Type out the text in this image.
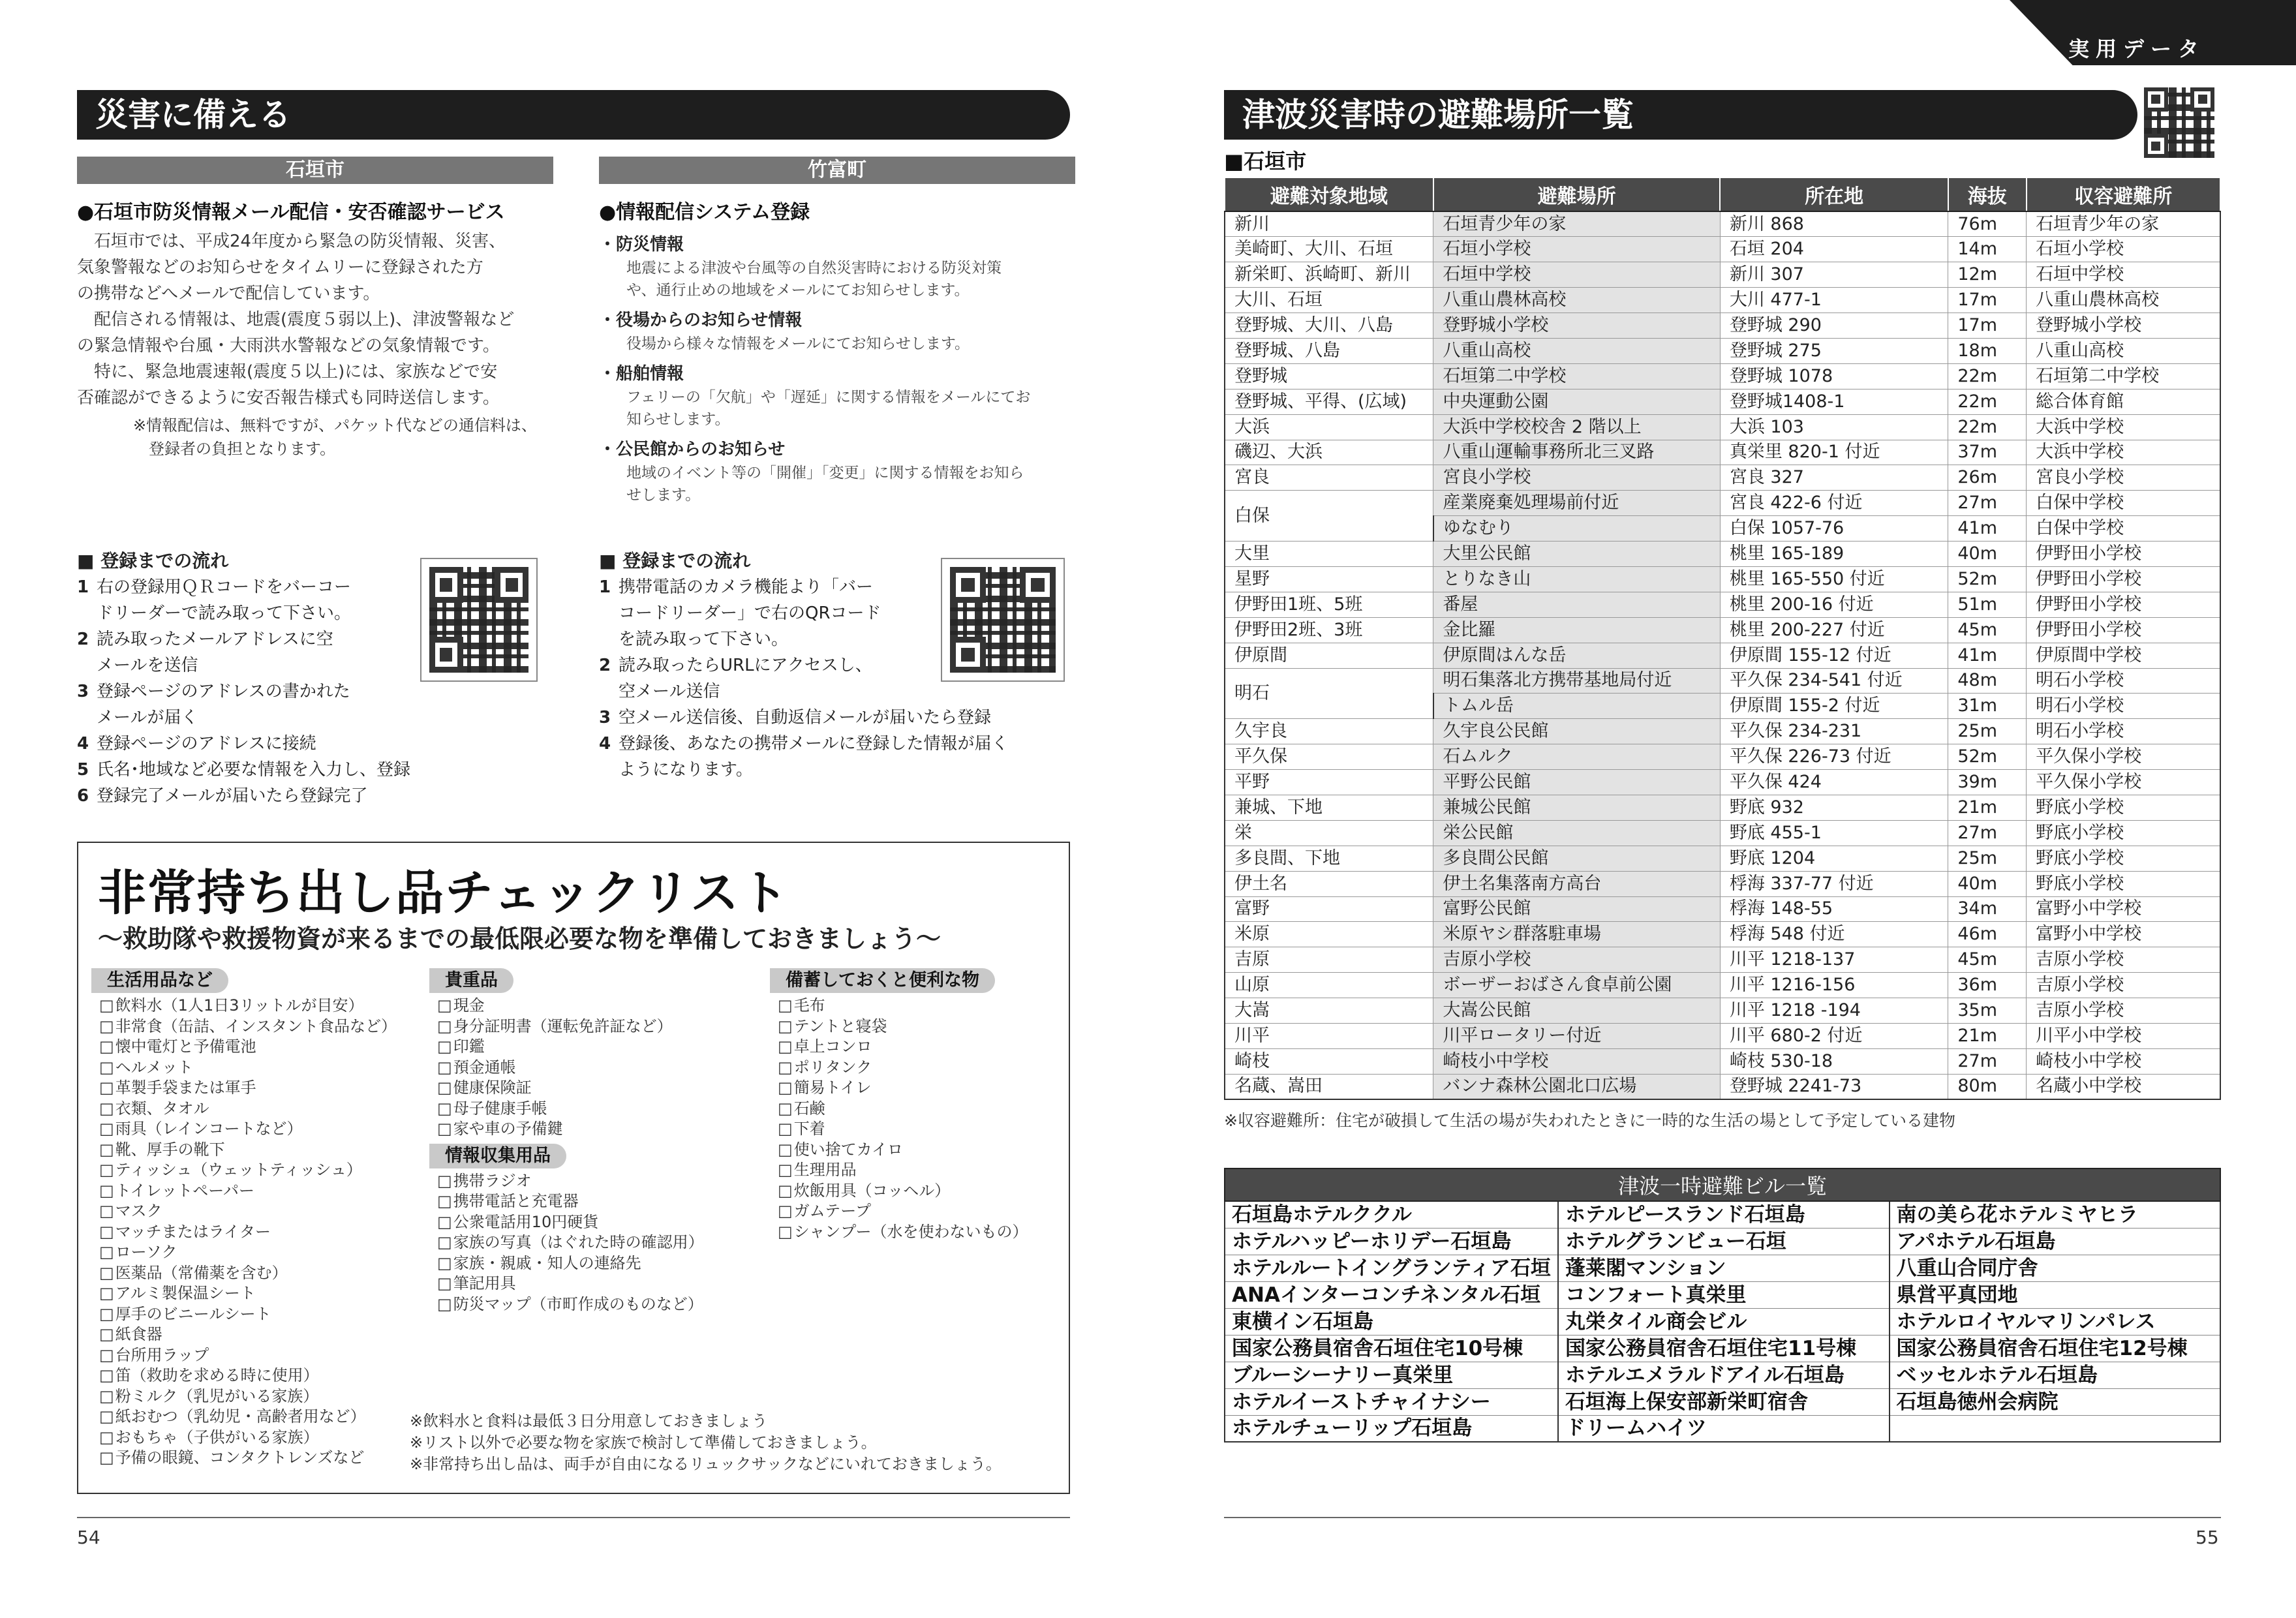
実用データ
災害に備える
石垣市	竹富町
●石垣市防災情報メール配信・安否確認サービス
　石垣市では、平成24年度から緊急の防災情報、災害、
気象警報などのお知らせをタイムリーに登録された方
の携帯などへメールで配信しています。
　配信される情報は、地震(震度５弱以上)、津波警報など
の緊急情報や台風・大雨洪水警報などの気象情報です。
　特に、緊急地震速報(震度５以上)には、家族などで安
否確認ができるように安否報告様式も同時送信します。
※情報配信は、無料ですが、パケット代などの通信料は、
登録者の負担となります。
■ 登録までの流れ
1 右の登録用ＱＲコードをバーコー
ドリーダーで読み取って下さい。
2 読み取ったメールアドレスに空
メールを送信
3 登録ページのアドレスの書かれた
メールが届く
4 登録ページのアドレスに接続
5 氏名･地域など必要な情報を入力し、登録
6 登録完了メールが届いたら登録完了
●情報配信システム登録
・防災情報
地震による津波や台風等の自然災害時における防災対策
や、通行止めの地域をメールにてお知らせします。
・役場からのお知らせ情報
役場から様々な情報をメールにてお知らせします。
・船舶情報
フェリーの「欠航」や「遅延」に関する情報をメールにてお
知らせします。
・公民館からのお知らせ
地域のイベント等の「開催」「変更」に関する情報をお知ら
せします。
■ 登録までの流れ
1 携帯電話のカメラ機能より「バー
コードリーダー」で右のQRコード
を読み取って下さい。
2 読み取ったらURLにアクセスし、
空メール送信
3 空メール送信後、自動返信メールが届いたら登録
4 登録後、あなたの携帯メールに登録した情報が届く
ようになります。
非常持ち出し品チェックリスト
～救助隊や救援物資が来るまでの最低限必要な物を準備しておきましょう～
生活用品など
□ 飲料水（1人1日3リットルが目安）
□ 非常食（缶詰、インスタント食品など）
□ 懐中電灯と予備電池
□ ヘルメット
□ 革製手袋または軍手
□ 衣類、タオル
□ 雨具（レインコートなど）
□ 靴、厚手の靴下
□ ティッシュ（ウェットティッシュ）
□ トイレットペーパー
□ マスク
□ マッチまたはライター
□ ローソク
□ 医薬品（常備薬を含む）
□ アルミ製保温シート
□ 厚手のビニールシート
□ 紙食器
□ 台所用ラップ
□ 笛（救助を求める時に使用）
□ 粉ミルク（乳児がいる家族）
□ 紙おむつ（乳幼児・高齢者用など）
□ おもちゃ（子供がいる家族）
□ 予備の眼鏡、コンタクトレンズなど
貴重品
□ 現金
□ 身分証明書（運転免許証など）
□ 印鑑
□ 預金通帳
□ 健康保険証
□ 母子健康手帳
□ 家や車の予備鍵
情報収集用品
□ 携帯ラジオ
□ 携帯電話と充電器
□ 公衆電話用10円硬貨
□ 家族の写真（はぐれた時の確認用）
□ 家族・親戚・知人の連絡先
□ 筆記用具
□ 防災マップ（市町作成のものなど）
備蓄しておくと便利な物
□ 毛布
□ テントと寝袋
□ 卓上コンロ
□ ポリタンク
□ 簡易トイレ
□ 石鹸
□ 下着
□ 使い捨てカイロ
□ 生理用品
□ 炊飯用具（コッヘル）
□ ガムテープ
□ シャンプー（水を使わないもの）
※飲料水と食料は最低３日分用意しておきましょう
※リスト以外で必要な物を家族で検討して準備しておきましょう。
※非常持ち出し品は、両手が自由になるリュックサックなどにいれておきましょう。
54
津波災害時の避難場所一覧
■石垣市
避難対象地域	避難場所	所在地	海抜	収容避難所
新川	石垣青少年の家	新川 868	76m	石垣青少年の家
美崎町、大川、石垣	石垣小学校	石垣 204	14m	石垣小学校
新栄町、浜崎町、新川	石垣中学校	新川 307	12m	石垣中学校
大川、石垣	八重山農林高校	大川 477-1	17m	八重山農林高校
登野城、大川、八島	登野城小学校	登野城 290	17m	登野城小学校
登野城、八島	八重山高校	登野城 275	18m	八重山高校
登野城	石垣第二中学校	登野城 1078	22m	石垣第二中学校
登野城、平得、(広域)	中央運動公園	登野城1408-1	22m	総合体育館
大浜	大浜中学校校舎 2 階以上	大浜 103	22m	大浜中学校
磯辺、大浜	八重山運輸事務所北三叉路	真栄里 820-1 付近	37m	大浜中学校
宮良	宮良小学校	宮良 327	26m	宮良小学校
白保	産業廃棄処理場前付近	宮良 422-6 付近	27m	白保中学校
	ゆなむり	白保 1057-76	41m	白保中学校
大里	大里公民館	桃里 165-189	40m	伊野田小学校
星野	とりなき山	桃里 165-550 付近	52m	伊野田小学校
伊野田1班、5班	番屋	桃里 200-16 付近	51m	伊野田小学校
伊野田2班、3班	金比羅	桃里 200-227 付近	45m	伊野田小学校
伊原間	伊原間はんな岳	伊原間 155-12 付近	41m	伊原間中学校
明石	明石集落北方携帯基地局付近	平久保 234-541 付近	48m	明石小学校
	トムル岳	伊原間 155-2 付近	31m	明石小学校
久宇良	久宇良公民館	平久保 234-231	25m	明石小学校
平久保	石ムルク	平久保 226-73 付近	52m	平久保小学校
平野	平野公民館	平久保 424	39m	平久保小学校
兼城、下地	兼城公民館	野底 932	21m	野底小学校
栄	栄公民館	野底 455-1	27m	野底小学校
多良間、下地	多良間公民館	野底 1204	25m	野底小学校
伊土名	伊土名集落南方高台	桴海 337-77 付近	40m	野底小学校
富野	富野公民館	桴海 148-55	34m	富野小中学校
米原	米原ヤシ群落駐車場	桴海 548 付近	46m	富野小中学校
吉原	吉原小学校	川平 1218-137	45m	吉原小学校
山原	ボーザーおばさん食卓前公園	川平 1216-156	36m	吉原小学校
大嵩	大嵩公民館	川平 1218 -194	35m	吉原小学校
川平	川平ロータリー付近	川平 680-2 付近	21m	川平小中学校
崎枝	崎枝小中学校	崎枝 530-18	27m	崎枝小中学校
名蔵、嵩田	バンナ森林公園北口広場	登野城 2241-73	80m	名蔵小中学校
※収容避難所：住宅が破損して生活の場が失われたときに一時的な生活の場として予定している建物
津波一時避難ビル一覧		
石垣島ホテルククル	ホテルピースランド石垣島	南の美ら花ホテルミヤヒラ
ホテルハッピーホリデー石垣島	ホテルグランビュー石垣	アパホテル石垣島
ホテルルートイングランティア石垣	蓬莱閣マンション	八重山合同庁舎
ANAインターコンチネンタル石垣	コンフォート真栄里	県営平真団地
東横イン石垣島	丸栄タイル商会ビル	ホテルロイヤルマリンパレス
国家公務員宿舎石垣住宅10号棟	国家公務員宿舎石垣住宅11号棟	国家公務員宿舎石垣住宅12号棟
ブルーシーナリー真栄里	ホテルエメラルドアイル石垣島	ベッセルホテル石垣島
ホテルイーストチャイナシー	石垣海上保安部新栄町宿舎	石垣島徳州会病院
ホテルチューリップ石垣島	ドリームハイツ	
55
